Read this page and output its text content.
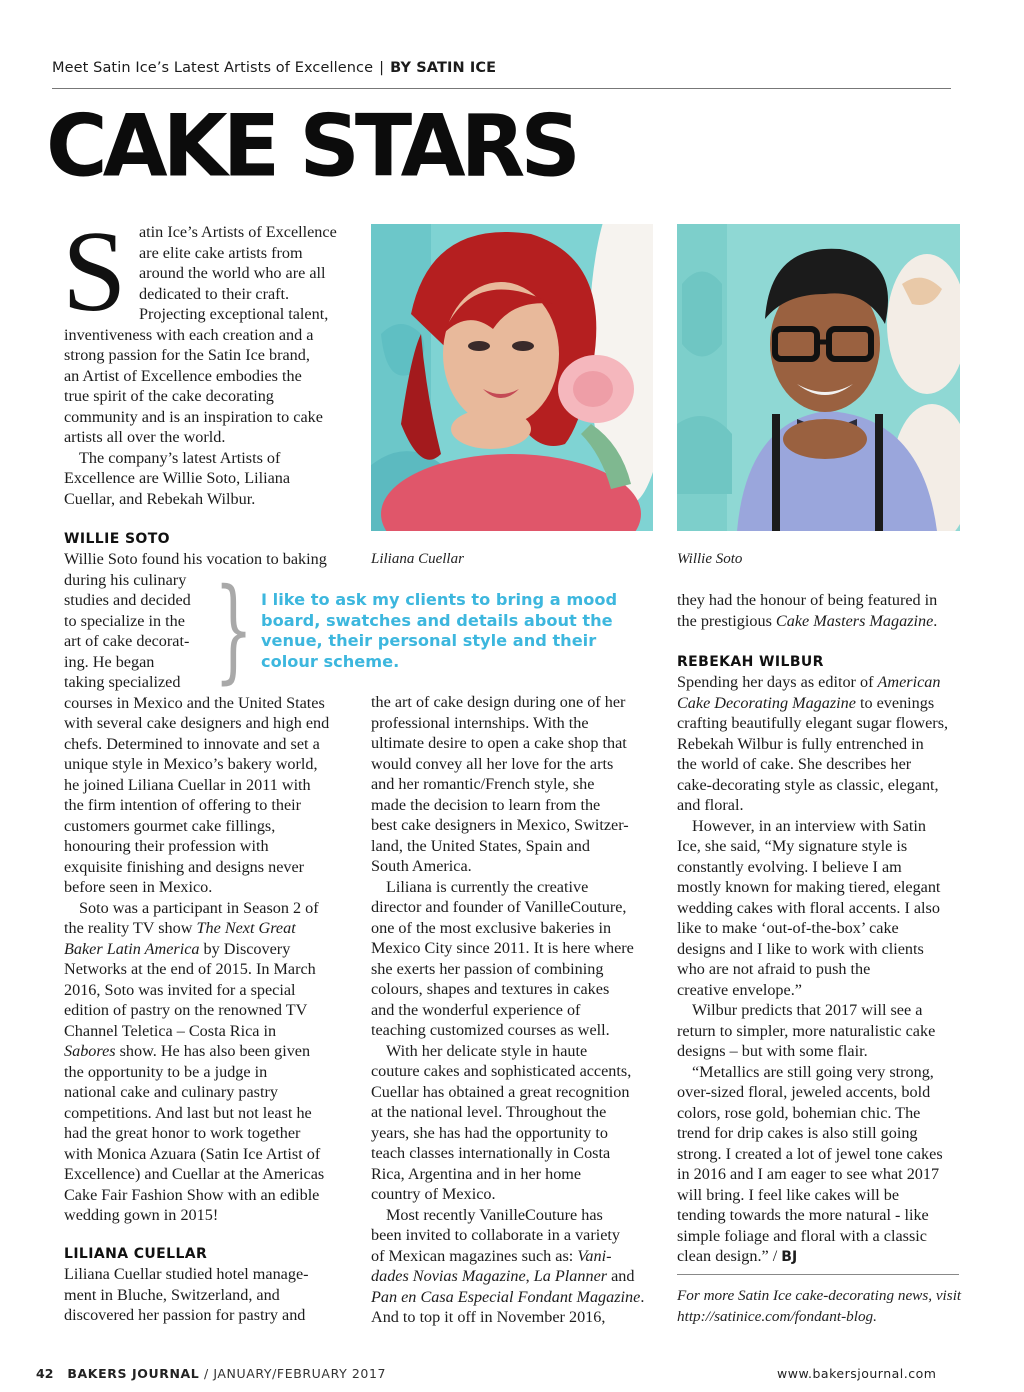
Meet Satin Ice’s Latest Artists of Excellence | BY SATIN ICE
CAKE STARS
S atin Ice’s Artists of Excellence
are elite cake artists from
around the world who are all
dedicated to their craft.
Projecting exceptional talent,
inventiveness with each creation and a
strong passion for the Satin Ice brand,
an Artist of Excellence embodies the
true spirit of the cake decorating
community and is an inspiration to cake
artists all over the world.
The company’s latest Artists of
Excellence are Willie Soto, Liliana
Cuellar, and Rebekah Wilbur.
Liliana Cuellar	Willie Soto
WILLIE SOTO
Willie Soto found his vocation to baking
during his culinary
studies and decided
to specialize in the
art of cake decorat-
ing. He began
taking specialized
courses in Mexico and the United States
with several cake designers and high end
chefs. Determined to innovate and set a
unique style in Mexico’s bakery world,
he joined Liliana Cuellar in 2011 with
the firm intention of offering to their
customers gourmet cake fillings,
honouring their profession with
exquisite finishing and designs never
before seen in Mexico.
Soto was a participant in Season 2 of
the reality TV show The Next Great
Baker Latin America by Discovery
Networks at the end of 2015. In March
2016, Soto was invited for a special
edition of pastry on the renowned TV
Channel Teletica – Costa Rica in
Sabores show. He has also been given
the opportunity to be a judge in
national cake and culinary pastry
competitions. And last but not least he
had the great honor to work together
with Monica Azuara (Satin Ice Artist of
Excellence) and Cuellar at the Americas
Cake Fair Fashion Show with an edible
wedding gown in 2015!
} I like to ask my clients to bring a mood
board, swatches and details about the
venue, their personal style and their
colour scheme.
LILIANA CUELLAR
Liliana Cuellar studied hotel manage-
ment in Bluche, Switzerland, and
discovered her passion for pastry and
the art of cake design during one of her
professional internships. With the
ultimate desire to open a cake shop that
would convey all her love for the arts
and her romantic/French style, she
made the decision to learn from the
best cake designers in Mexico, Switzer-
land, the United States, Spain and
South America.
Liliana is currently the creative
director and founder of VanilleCouture,
one of the most exclusive bakeries in
Mexico City since 2011. It is here where
she exerts her passion of combining
colours, shapes and textures in cakes
and the wonderful experience of
teaching customized courses as well.
With her delicate style in haute
couture cakes and sophisticated accents,
Cuellar has obtained a great recognition
at the national level. Throughout the
years, she has had the opportunity to
teach classes internationally in Costa
Rica, Argentina and in her home
country of Mexico.
Most recently VanilleCouture has
been invited to collaborate in a variety
of Mexican magazines such as: Vani-
dades Novias Magazine, La Planner and
Pan en Casa Especial Fondant Magazine.
And to top it off in November 2016,
they had the honour of being featured in
the prestigious Cake Masters Magazine.
REBEKAH WILBUR
Spending her days as editor of American
Cake Decorating Magazine to evenings
crafting beautifully elegant sugar flowers,
Rebekah Wilbur is fully entrenched in
the world of cake. She describes her
cake-decorating style as classic, elegant,
and floral.
However, in an interview with Satin
Ice, she said, “My signature style is
constantly evolving. I believe I am
mostly known for making tiered, elegant
wedding cakes with floral accents. I also
like to make ‘out-of-the-box’ cake
designs and I like to work with clients
who are not afraid to push the
creative envelope.”
Wilbur predicts that 2017 will see a
return to simpler, more naturalistic cake
designs – but with some flair.
“Metallics are still going very strong,
over-sized floral, jeweled accents, bold
colors, rose gold, bohemian chic. The
trend for drip cakes is also still going
strong. I created a lot of jewel tone cakes
in 2016 and I am eager to see what 2017
will bring. I feel like cakes will be
tending towards the more natural - like
simple foliage and floral with a classic
clean design.” / BJ
For more Satin Ice cake-decorating news, visit
http://satinice.com/fondant-blog.
42 BAKERS JOURNAL / JANUARY/FEBRUARY 2017	www.bakersjournal.com
